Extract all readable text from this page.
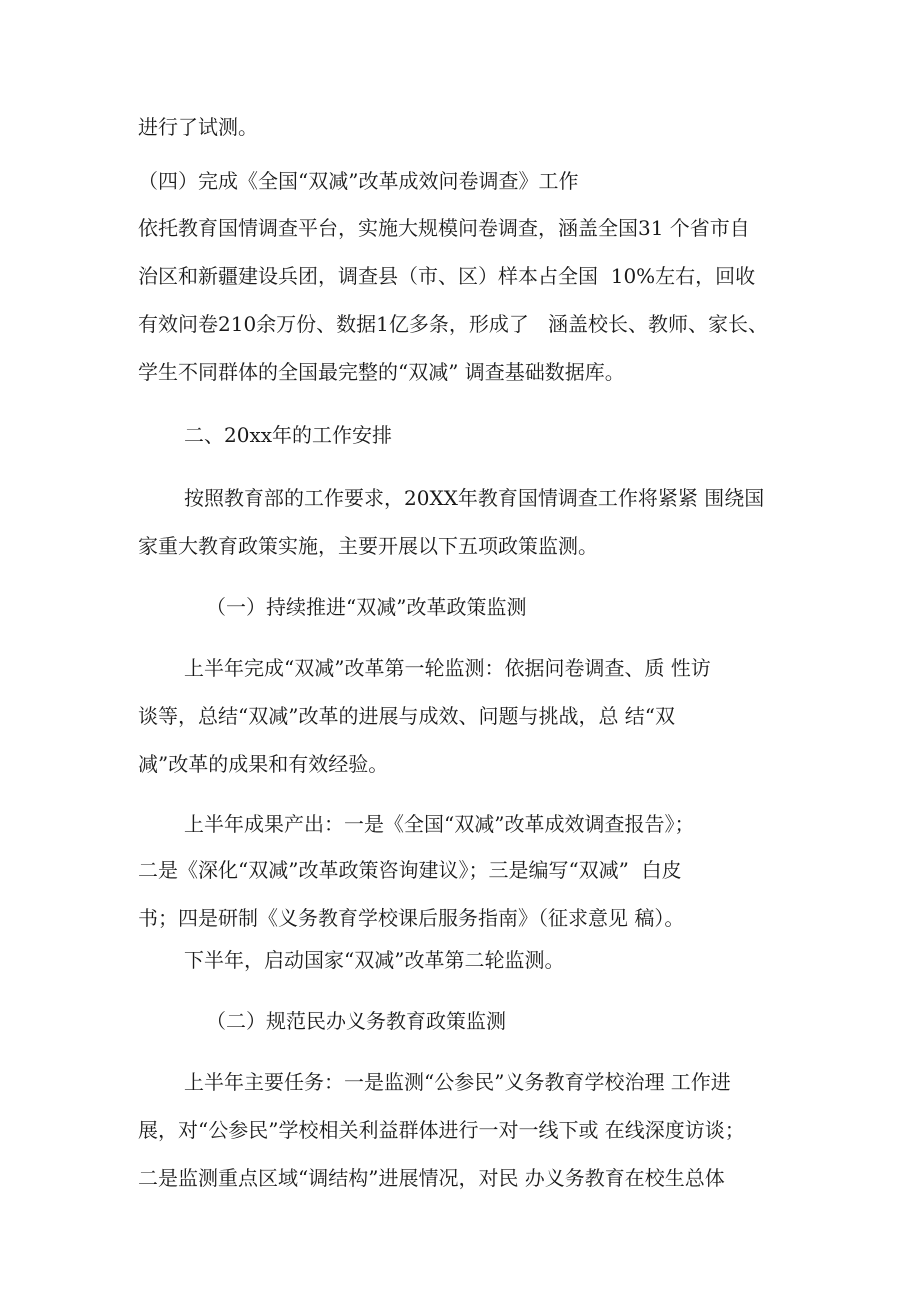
进行了试测。

（四）完成《全国“双减”改革成效问卷调查》工作

依托教育国情调查平台，实施大规模问卷调查，涵盖全国31 个省市自

治区和新疆建设兵团，调查县（市、区）样本占全国  10%左右，回收

有效问卷210余万份、数据1亿多条，形成了   涵盖校长、教师、家长、

学生不同群体的全国最完整的“双减” 调查基础数据库。

二、20xx年的工作安排

按照教育部的工作要求，20XX年教育国情调查工作将紧紧 围绕国

家重大教育政策实施，主要开展以下五项政策监测。

（一）持续推进“双减”改革政策监测

上半年完成“双减”改革第一轮监测：依据问卷调查、质 性访

谈等，总结“双减”改革的进展与成效、问题与挑战，总 结“双

减”改革的成果和有效经验。

上半年成果产出：一是《全国“双减”改革成效调查报告》；

二是《深化“双减”改革政策咨询建议》；三是编写“双减”  白皮

书；四是研制《义务教育学校课后服务指南》（征求意见 稿）。

下半年，启动国家“双减”改革第二轮监测。

（二）规范民办义务教育政策监测

上半年主要任务：一是监测“公参民”义务教育学校治理 工作进

展，对“公参民”学校相关利益群体进行一对一线下或 在线深度访谈；

二是监测重点区域“调结构”进展情况，对民 办义务教育在校生总体
